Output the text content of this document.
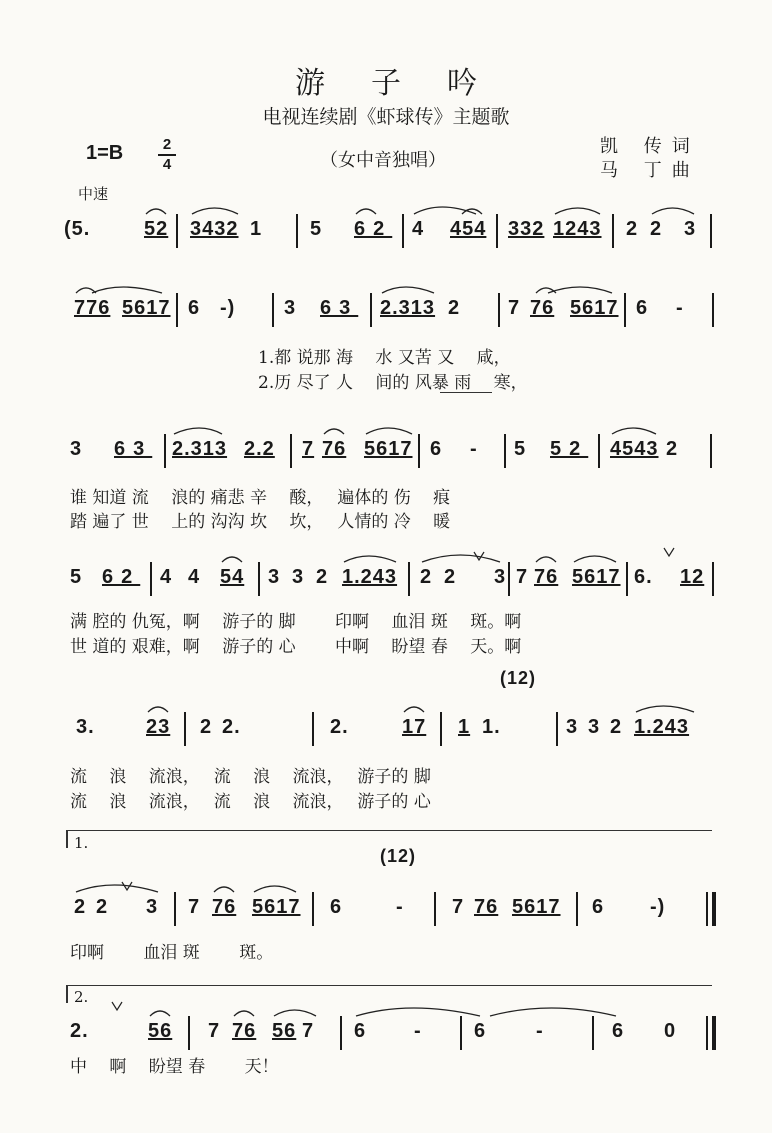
游子吟
电视连续剧《虾球传》主题歌
1=B	2
4	（女中音独唱）
凯 传词
马 丁曲
中速
(5.	52 3432 1 5 62 4 454 332 1243 2 2 3
776 5617 6 -) 3 63 2.313 2 7 76 5617 6 -
1.都 说那 海　 水 又苦 又　 咸，
2.历 尽了 人　 间的 风暴 雨　 寒，
3 63 2.313 2.2 7 76 5617 6 - 5 52 4543 2
谁 知道 流　 浪的 痛悲 辛　 酸，　 遍体的 伤　 痕
踏 遍了 世　 上的 沟沟 坎　 坎，　 人情的 冷　 暖
5 62 4 4 54 3 3 2 1.243 2 2 3 7 76 5617 6. 12
满 腔的 仇冤，啊　 游子的 脚　　 印啊　 血泪 斑　 斑。啊
世 道的 艰难，啊　 游子的 心　　 中啊　 盼望 春　 天。啊
(12)
3.	23 2 2.	2.	17 1 1.	3 3 2 1.243
流　 浪　 流浪，　 流　 浪　 流浪，　 游子的 脚
流　 浪　 流浪，　 流　 浪　 流浪，　 游子的 心
1.
(12)
2 2 3 7 76 5617 6	- 7 76 5617 6 -)
印啊　　 血泪 斑　　 斑。
2.
2.	56 7 76 56 7 6 -	6 -	6 0
中　 啊　 盼望 春　　 天！
